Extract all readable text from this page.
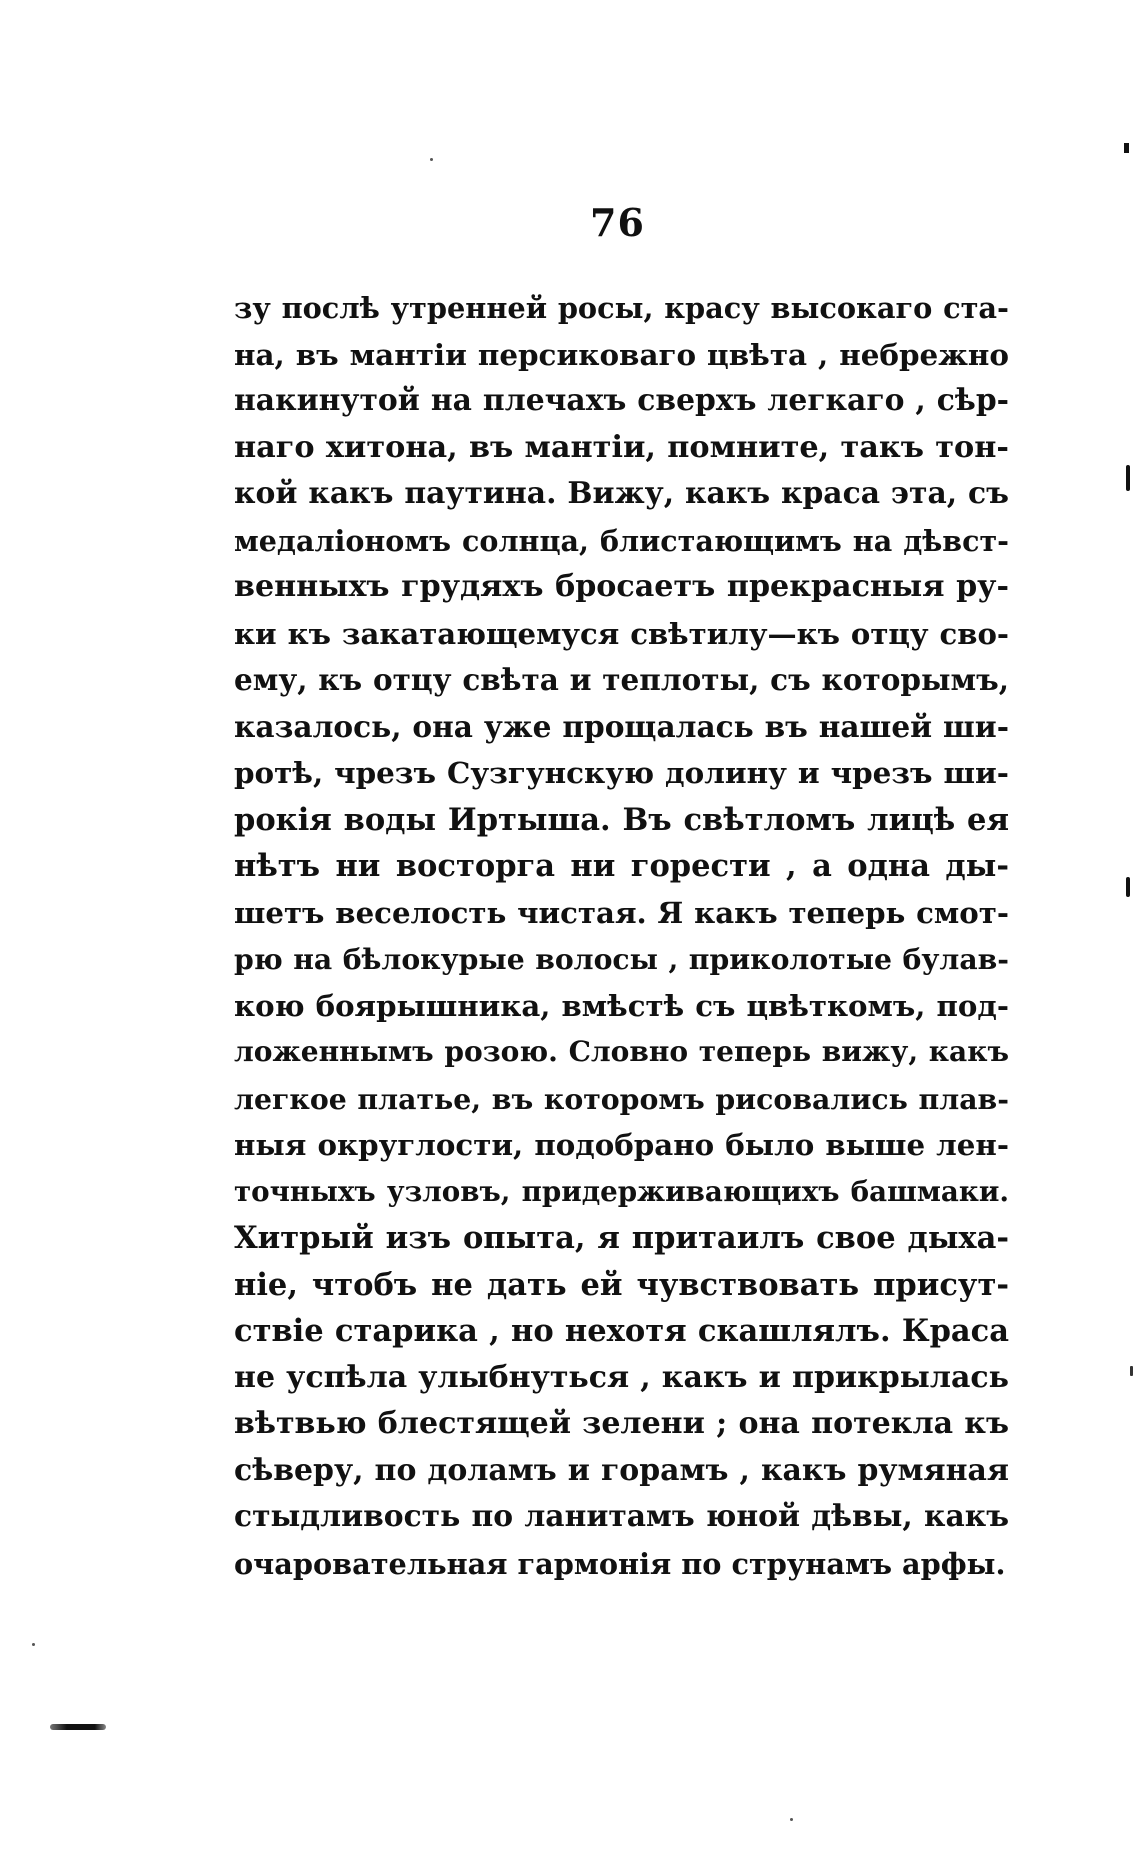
76
зу послѣ утренней росы, красу высокаго ста-
на, въ мантіи персиковаго цвѣта , небрежно
накинутой на плечахъ сверхъ легкаго , сѣр-
наго хитона, въ мантіи, помните, такъ тон-
кой какъ паутина. Вижу, какъ краса эта, съ
медаліономъ солнца, блистающимъ на дѣвст-
венныхъ грудяхъ бросаетъ прекрасныя ру-
ки къ закатающемуся свѣтилу—къ отцу сво-
ему, къ отцу свѣта и теплоты, съ которымъ,
казалось, она уже прощалась въ нашей ши-
ротѣ, чрезъ Сузгунскую долину и чрезъ ши-
рокія воды Иртыша. Въ свѣтломъ лицѣ ея
нѣтъ ни восторга ни горести , а одна ды-
шетъ веселость чистая. Я какъ теперь смот-
рю на бѣлокурые волосы , приколотые булав-
кою боярышника, вмѣстѣ съ цвѣткомъ, под-
ложеннымъ розою. Словно теперь вижу, какъ
легкое платье, въ которомъ рисовались плав-
ныя округлости, подобрано было выше лен-
точныхъ узловъ, придерживающихъ башмаки.
Хитрый изъ опыта, я притаилъ свое дыха-
ніе, чтобъ не дать ей чувствовать присут-
ствіе старика , но нехотя скашлялъ. Краса
не успѣла улыбнуться , какъ и прикрылась
вѣтвью блестящей зелени ; она потекла къ
сѣверу, по доламъ и горамъ , какъ румяная
стыдливость по ланитамъ юной дѣвы, какъ
очаровательная гармонія по струнамъ арфы.
